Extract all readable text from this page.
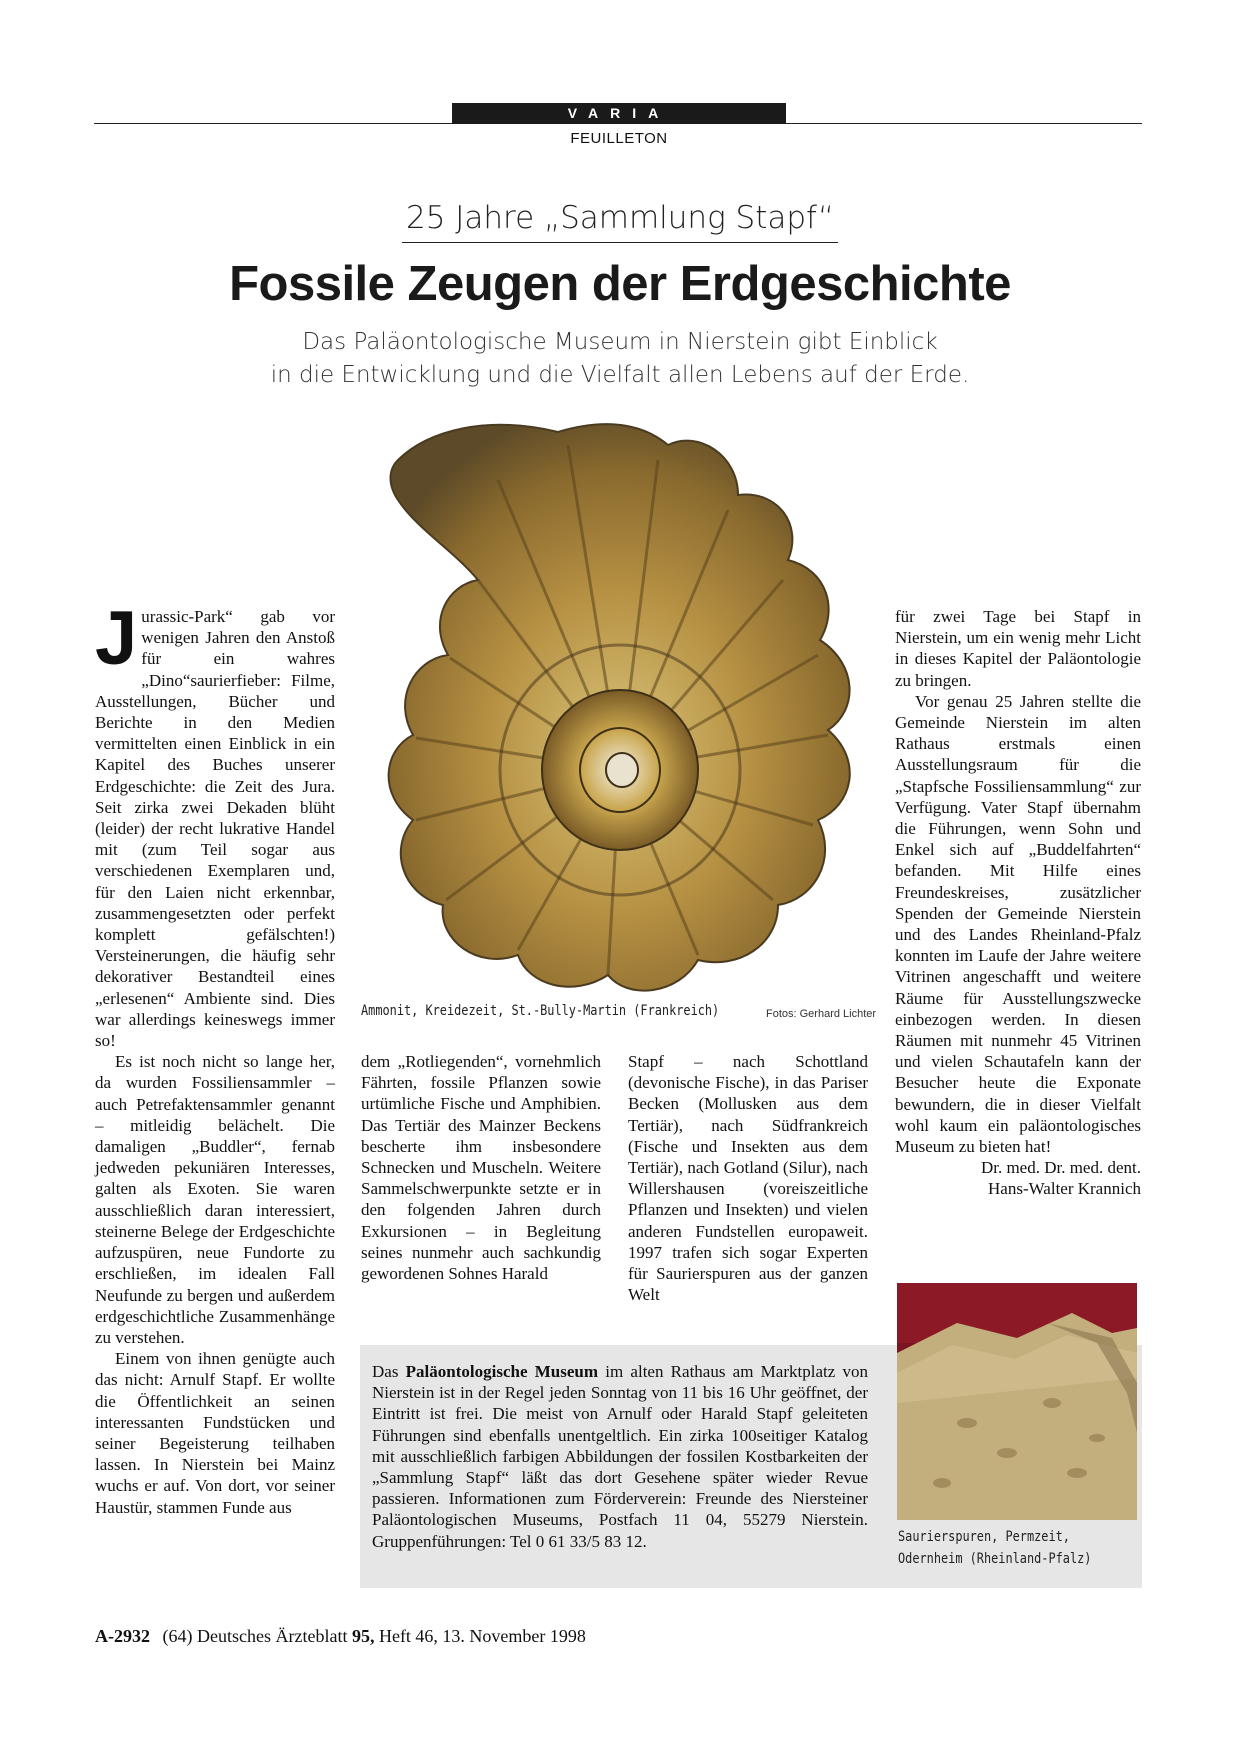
VARIA
FEUILLETON
25 Jahre „Sammlung Stapf“
Fossile Zeugen der Erdgeschichte
Das Paläontologische Museum in Nierstein gibt Einblick
in die Entwicklung und die Vielfalt allen Lebens auf der Erde.
Ammonit, Kreidezeit, St.-Bully-Martin (Frankreich)	Fotos: Gerhard Lichter

Jurassic-Park“ gab vor wenigen Jahren den Anstoß für ein wahres „Dino“saurierfieber: Filme, Ausstellungen, Bücher und Berichte in den Medien vermittelten einen Einblick in ein Kapitel des Buches unserer Erdgeschichte: die Zeit des Jura. Seit zirka zwei Dekaden blüht (leider) der recht lukrative Handel mit (zum Teil sogar aus verschiedenen Exemplaren und, für den Laien nicht erkennbar, zusammengesetzten oder perfekt komplett gefälschten!) Versteinerungen, die häufig sehr dekorativer Bestandteil eines „erlesenen“ Ambiente sind. Dies war allerdings keineswegs immer so!

Es ist noch nicht so lange her, da wurden Fossiliensammler – auch Petrefaktensammler genannt – mitleidig belächelt. Die damaligen „Buddler“, fernab jedweden pekuniären Interesses, galten als Exoten. Sie waren ausschließlich daran interessiert, steinerne Belege der Erdgeschichte aufzuspüren, neue Fundorte zu erschließen, im idealen Fall Neufunde zu bergen und außerdem erdgeschichtliche Zusammenhänge zu verstehen.

Einem von ihnen genügte auch das nicht: Arnulf Stapf. Er wollte die Öffentlichkeit an seinen interessanten Fundstücken und seiner Begeisterung teilhaben lassen. In Nierstein bei Mainz wuchs er auf. Von dort, vor seiner Haustür, stammen Funde aus

dem „Rotliegenden“, vornehmlich Fährten, fossile Pflanzen sowie urtümliche Fische und Amphibien. Das Tertiär des Mainzer Beckens bescherte ihm insbesondere Schnecken und Muscheln. Weitere Sammelschwerpunkte setzte er in den folgenden Jahren durch Exkursionen – in Begleitung seines nunmehr auch sachkundig gewordenen Sohnes Harald

Stapf – nach Schottland (devonische Fische), in das Pariser Becken (Mollusken aus dem Tertiär), nach Südfrankreich (Fische und Insekten aus dem Tertiär), nach Gotland (Silur), nach Willershausen (voreiszeitliche Pflanzen und Insekten) und vielen anderen Fundstellen europaweit. 1997 trafen sich sogar Experten für Saurierspuren aus der ganzen Welt

für zwei Tage bei Stapf in Nierstein, um ein wenig mehr Licht in dieses Kapitel der Paläontologie zu bringen.

Vor genau 25 Jahren stellte die Gemeinde Nierstein im alten Rathaus erstmals einen Ausstellungsraum für die „Stapfsche Fossiliensammlung“ zur Verfügung. Vater Stapf übernahm die Führungen, wenn Sohn und Enkel sich auf „Buddelfahrten“ befanden. Mit Hilfe eines Freundeskreises, zusätzlicher Spenden der Gemeinde Nierstein und des Landes Rheinland-Pfalz konnten im Laufe der Jahre weitere Vitrinen angeschafft und weitere Räume für Ausstellungszwecke einbezogen werden. In diesen Räumen mit nunmehr 45 Vitrinen und vielen Schautafeln kann der Besucher heute die Exponate bewundern, die in dieser Vielfalt wohl kaum ein paläontologisches Museum zu bieten hat!

Dr. med. Dr. med. dent.
Hans-Walter Krannich
Das Paläontologische Museum im alten Rathaus am Marktplatz von Nierstein ist in der Regel jeden Sonntag von 11 bis 16 Uhr geöffnet, der Eintritt ist frei. Die meist von Arnulf oder Harald Stapf geleiteten Führungen sind ebenfalls unentgeltlich. Ein zirka 100seitiger Katalog mit ausschließlich farbigen Abbildungen der fossilen Kostbarkeiten der „Sammlung Stapf“ läßt das dort Gesehene später wieder Revue passieren. Informationen zum Förderverein: Freunde des Niersteiner Paläontologischen Museums, Postfach 11 04, 55279 Nierstein. Gruppenführungen: Tel 0 61 33/5 83 12.	Saurierspuren, Permzeit,
Odernheim (Rheinland-Pfalz)
A-2932 (64) Deutsches Ärzteblatt 95, Heft 46, 13. November 1998
